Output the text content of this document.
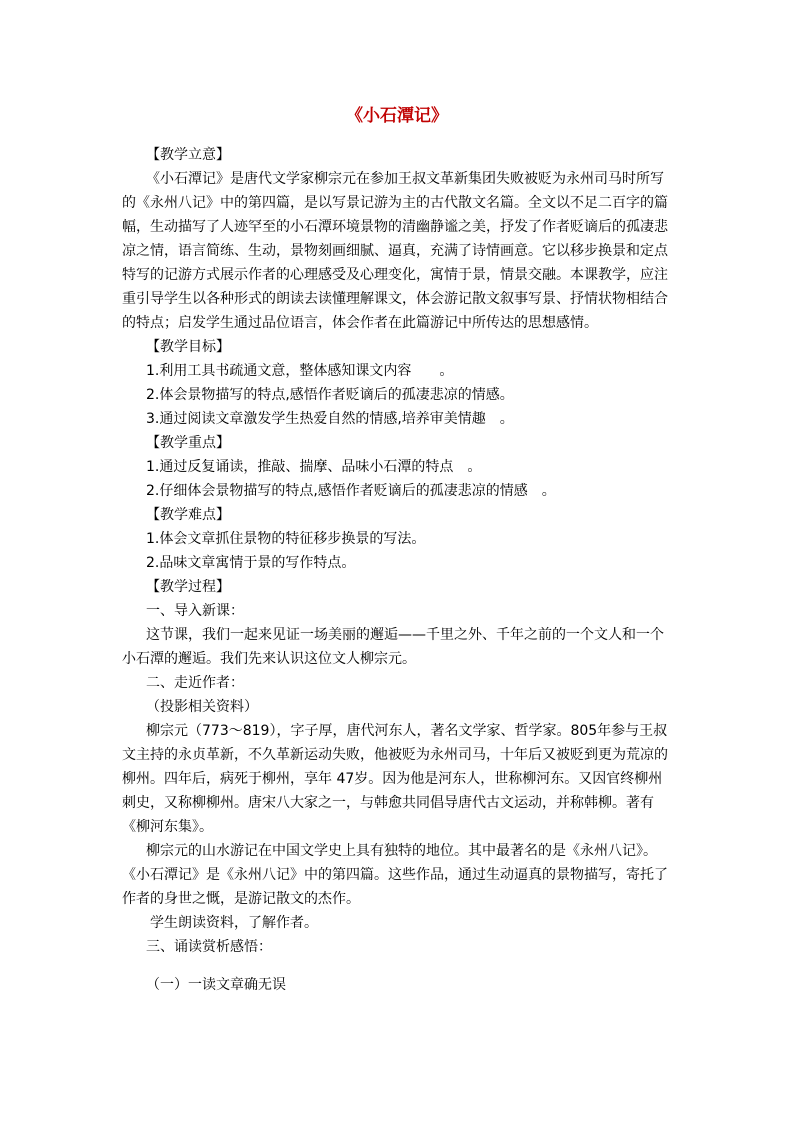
《小石潭记》
【教学立意】
《小石潭记》是唐代文学家柳宗元在参加王叔文革新集团失败被贬为永州司马时所写
的《永州八记》中的第四篇，是以写景记游为主的古代散文名篇。全文以不足二百字的篇
幅，生动描写了人迹罕至的小石潭环境景物的清幽静谧之美，抒发了作者贬谪后的孤凄悲
凉之情，语言简练、生动，景物刻画细腻、逼真，充满了诗情画意。它以移步换景和定点
特写的记游方式展示作者的心理感受及心理变化，寓情于景，情景交融。本课教学，应注
重引导学生以各种形式的朗读去读懂理解课文，体会游记散文叙事写景、抒情状物相结合
的特点；启发学生通过品位语言，体会作者在此篇游记中所传达的思想感情。
【教学目标】
1.利用工具书疏通文意，整体感知课文内容　　。
2.体会景物描写的特点,感悟作者贬谪后的孤凄悲凉的情感。
3.通过阅读文章激发学生热爱自然的情感,培养审美情趣　。
【教学重点】
1.通过反复诵读，推敲、揣摩、品味小石潭的特点　。
2.仔细体会景物描写的特点,感悟作者贬谪后的孤凄悲凉的情感　。
【教学难点】
1.体会文章抓住景物的特征移步换景的写法。
2.品味文章寓情于景的写作特点。
【教学过程】
一、导入新课：
这节课，我们一起来见证一场美丽的邂逅——千里之外、千年之前的一个文人和一个
小石潭的邂逅。我们先来认识这位文人柳宗元。
二、走近作者：
（投影相关资料）
柳宗元（773～819），字子厚，唐代河东人，著名文学家、哲学家。805年参与王叔
文主持的永贞革新，不久革新运动失败，他被贬为永州司马，十年后又被贬到更为荒凉的
柳州。四年后，病死于柳州，享年 47岁。因为他是河东人，世称柳河东。又因官终柳州
刺史，又称柳柳州。唐宋八大家之一，与韩愈共同倡导唐代古文运动，并称韩柳。著有
《柳河东集》。
柳宗元的山水游记在中国文学史上具有独特的地位。其中最著名的是《永州八记》。
《小石潭记》是《永州八记》中的第四篇。这些作品，通过生动逼真的景物描写，寄托了
作者的身世之慨，是游记散文的杰作。
学生朗读资料，了解作者。
三、诵读赏析感悟：
（一）一读文章确无误
